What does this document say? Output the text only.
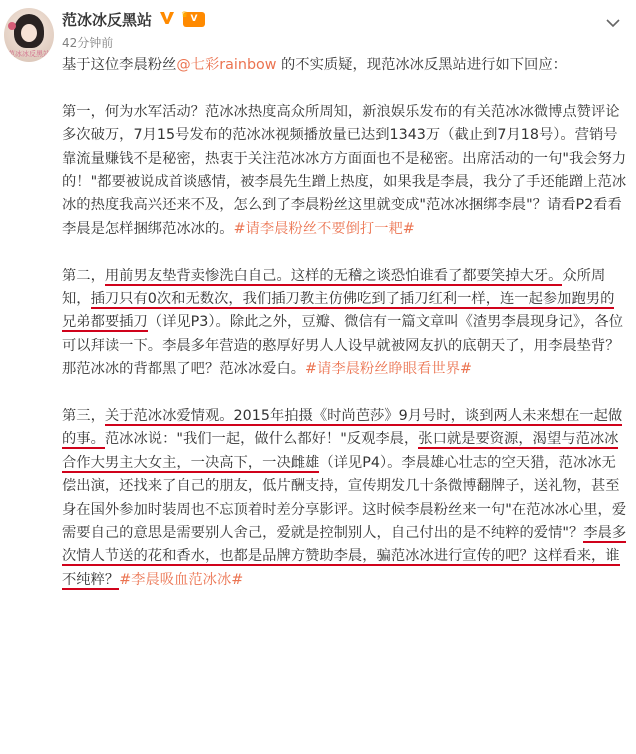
范冰冰反黑站
范冰冰反黑站	♛ V
42分钟前

基于这位李晨粉丝@七彩rainbow 的不实质疑，现范冰冰反黑站进行如下回应：

第一，何为水军活动？范冰冰热度高众所周知，新浪娱乐发布的有关范冰冰微博点赞评论多次破万，7月15号发布的范冰冰视频播放量已达到1343万（截止到7月18号）。营销号靠流量赚钱不是秘密，热衷于关注范冰冰方方面面也不是秘密。出席活动的一句"我会努力的！"都要被说成首谈感情，被李晨先生蹭上热度，如果我是李晨，我分了手还能蹭上范冰冰的热度我高兴还来不及，怎么到了李晨粉丝这里就变成"范冰冰捆绑李晨"？请看P2看看李晨是怎样捆绑范冰冰的。#请李晨粉丝不要倒打一耙#

第二，用前男友垫背卖惨洗白自己。这样的无稽之谈恐怕谁看了都要笑掉大牙。众所周知，插刀只有0次和无数次，我们插刀教主仿佛吃到了插刀红利一样，连一起参加跑男的兄弟都要插刀（详见P3）。除此之外，豆瓣、微信有一篇文章叫《渣男李晨现身记》，各位可以拜读一下。李晨多年营造的憨厚好男人人设早就被网友扒的底朝天了，用李晨垫背？那范冰冰的背都黑了吧？范冰冰爱白。#请李晨粉丝睁眼看世界#

第三，关于范冰冰爱情观。2015年拍摄《时尚芭莎》9月号时，谈到两人未来想在一起做的事。范冰冰说："我们一起，做什么都好！"反观李晨，张口就是要资源，渴望与范冰冰合作大男主大女主，一决高下，一决雌雄（详见P4）。李晨雄心壮志的空天猎，范冰冰无偿出演，还找来了自己的朋友，低片酬支持，宣传期发几十条微博翻牌子，送礼物，甚至身在国外参加时装周也不忘顶着时差分享影评。这时候李晨粉丝来一句"在范冰冰心里，爱需要自己的意思是需要别人舍己，爱就是控制别人，自己付出的是不纯粹的爱情"？李晨多次情人节送的花和香水，也都是品牌方赞助李晨，骗范冰冰进行宣传的吧？这样看来，谁不纯粹？#李晨吸血范冰冰#
